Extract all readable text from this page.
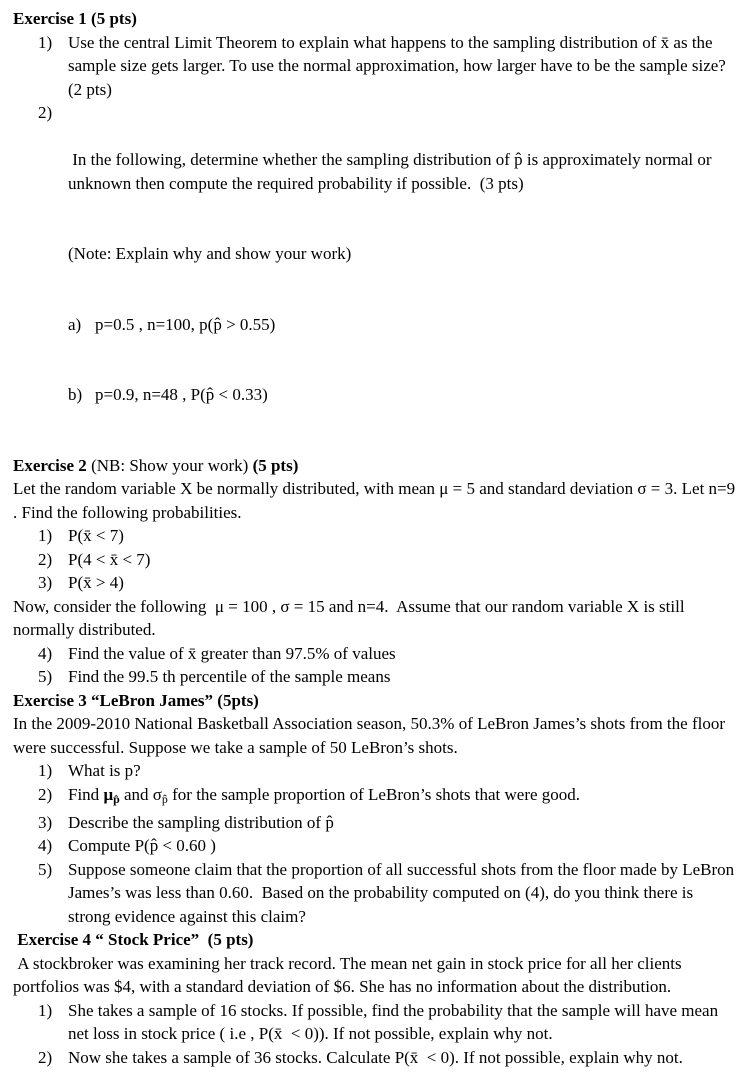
Exercise 1 (5 pts)
1) Use the central Limit Theorem to explain what happens to the sampling distribution of x̄ as the sample size gets larger. To use the normal approximation, how larger have to be the sample size? (2 pts)
2)

In the following, determine whether the sampling distribution of p̂ is approximately normal or unknown then compute the required probability if possible.  (3 pts)

(Note: Explain why and show your work)

a) p=0.5 , n=100, p(p̂ > 0.55)

b) p=0.9, n=48 , P(p̂ < 0.33)

Exercise 2 (NB: Show your work) (5 pts)
Let the random variable X be normally distributed, with mean μ = 5 and standard deviation σ = 3. Let n=9 . Find the following probabilities.
1) P(x̄ < 7)
2) P(4 < x̄ < 7)
3) P(x̄ > 4)
Now, consider the following  μ = 100 , σ = 15 and n=4.  Assume that our random variable X is still normally distributed.
4) Find the value of x̄ greater than 97.5% of values
5) Find the 99.5 th percentile of the sample means
Exercise 3 “LeBron James” (5pts)
In the 2009-2010 National Basketball Association season, 50.3% of LeBron James’s shots from the floor were successful. Suppose we take a sample of 50 LeBron’s shots.
1) What is p?
2) Find $\mu_{p̂}$ and $\sigma_{p̂}$ for the sample proportion of LeBron’s shots that were good.
3) Describe the sampling distribution of p̂
4) Compute P(p̂ < 0.60 )
5) Suppose someone claim that the proportion of all successful shots from the floor made by LeBron James’s was less than 0.60.  Based on the probability computed on (4), do you think there is strong evidence against this claim?
Exercise 4 “ Stock Price”  (5 pts)
A stockbroker was examining her track record. The mean net gain in stock price for all her clients portfolios was $4, with a standard deviation of $6. She has no information about the distribution.
1) She takes a sample of 16 stocks. If possible, find the probability that the sample will have mean net loss in stock price ( i.e , P(x̄  < 0)). If not possible, explain why not.
2) Now she takes a sample of 36 stocks. Calculate P(x̄  < 0). If not possible, explain why not.
